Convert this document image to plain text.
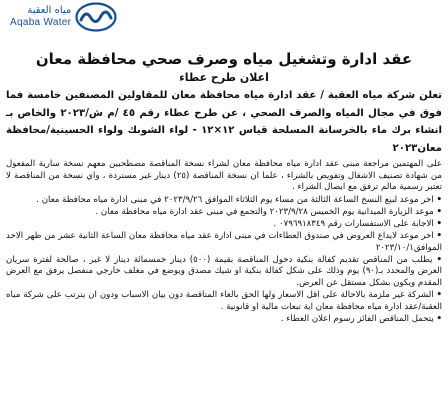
مياه العقبة
Aqaba Water
عقد ادارة وتشغيل مياه وصرف صحي محافظة معان
اعلان طرح عطاء
تعلن شركة مياه العقبة / عقد ادارة مياه محافظة معان للمقاولين المصنفين خامسة فما فوق في مجال المياه والصرف الصحي ، عن طرح عطاء رقم ٤٥ /م ش/٢٠٢٣ والخاص بـ انشاء برك ماء بالخرسانة المسلحة قياس ١٢×١٢ - لواء الشوبك ولواء الحسينية/محافظة معان٢٠٢٣

على المهتمين مراجعة مبنى عقد ادارة مياه محافظة معان لشراء نسخة المناقصة مصطحبين معهم نسخة سارية المفعول من شهادة تصنيف الاشغال وتفويض بالشراء ، علما ان نسخة المناقصة (٢٥) دينار غير مستردة ، واي نسخة من المناقصة لا تعتبر رسمية مالم ترفق مع ايصال الشراء .

• اخر موعد لبيع النسخ الساعة الثالثة من مساء يوم الثلاثاء الموافق ٢٠٢٣/٩/٢٦ في مبنى ادارة مياه محافظة معان .

• موعد الزيارة الميدانية يوم الخميس ٢٠٢٣/٩/٢٨ والتجمع في مبنى عقد ادارة مياه محافظة معان .

• الاجابة على الاستفسارات رقم ٠٧٩٦٩١٨٣٤٩ .

• اخر موعد لايداع العروض في صندوق العطاءات في مبنى ادارة عقد مياه محافظة معان الساعة الثانية عشر من ظهر الاحد الموافق٢٠٢٣/١٠/١

• يطلب من المناقص تقديم كفالة بنكية دخول المناقصة بقيمة (٥٠٠) دينار خمسمائة دينار لا غير ، صالحة لفترة سريان العرض والمحدد بـ(٩٠) يوم وذلك على شكل كفالة بنكية او شيك مصدق ويوضع في مغلف خارجي منفصل يرفق مع العرض المقدم ويكون بشكل مستقل عن العرض.

• الشركة غير ملزمة بالاحالة على اقل الاسعار ولها الحق بالغاء المناقصة دون بيان الاسباب ودون ان يترتب على شركة مياه العقبة/عقد ادارة مياه محافظة معان اية تبعات مالية او قانونية .

• يتحمل المناقص الفائز رسوم اعلان العطاء .
